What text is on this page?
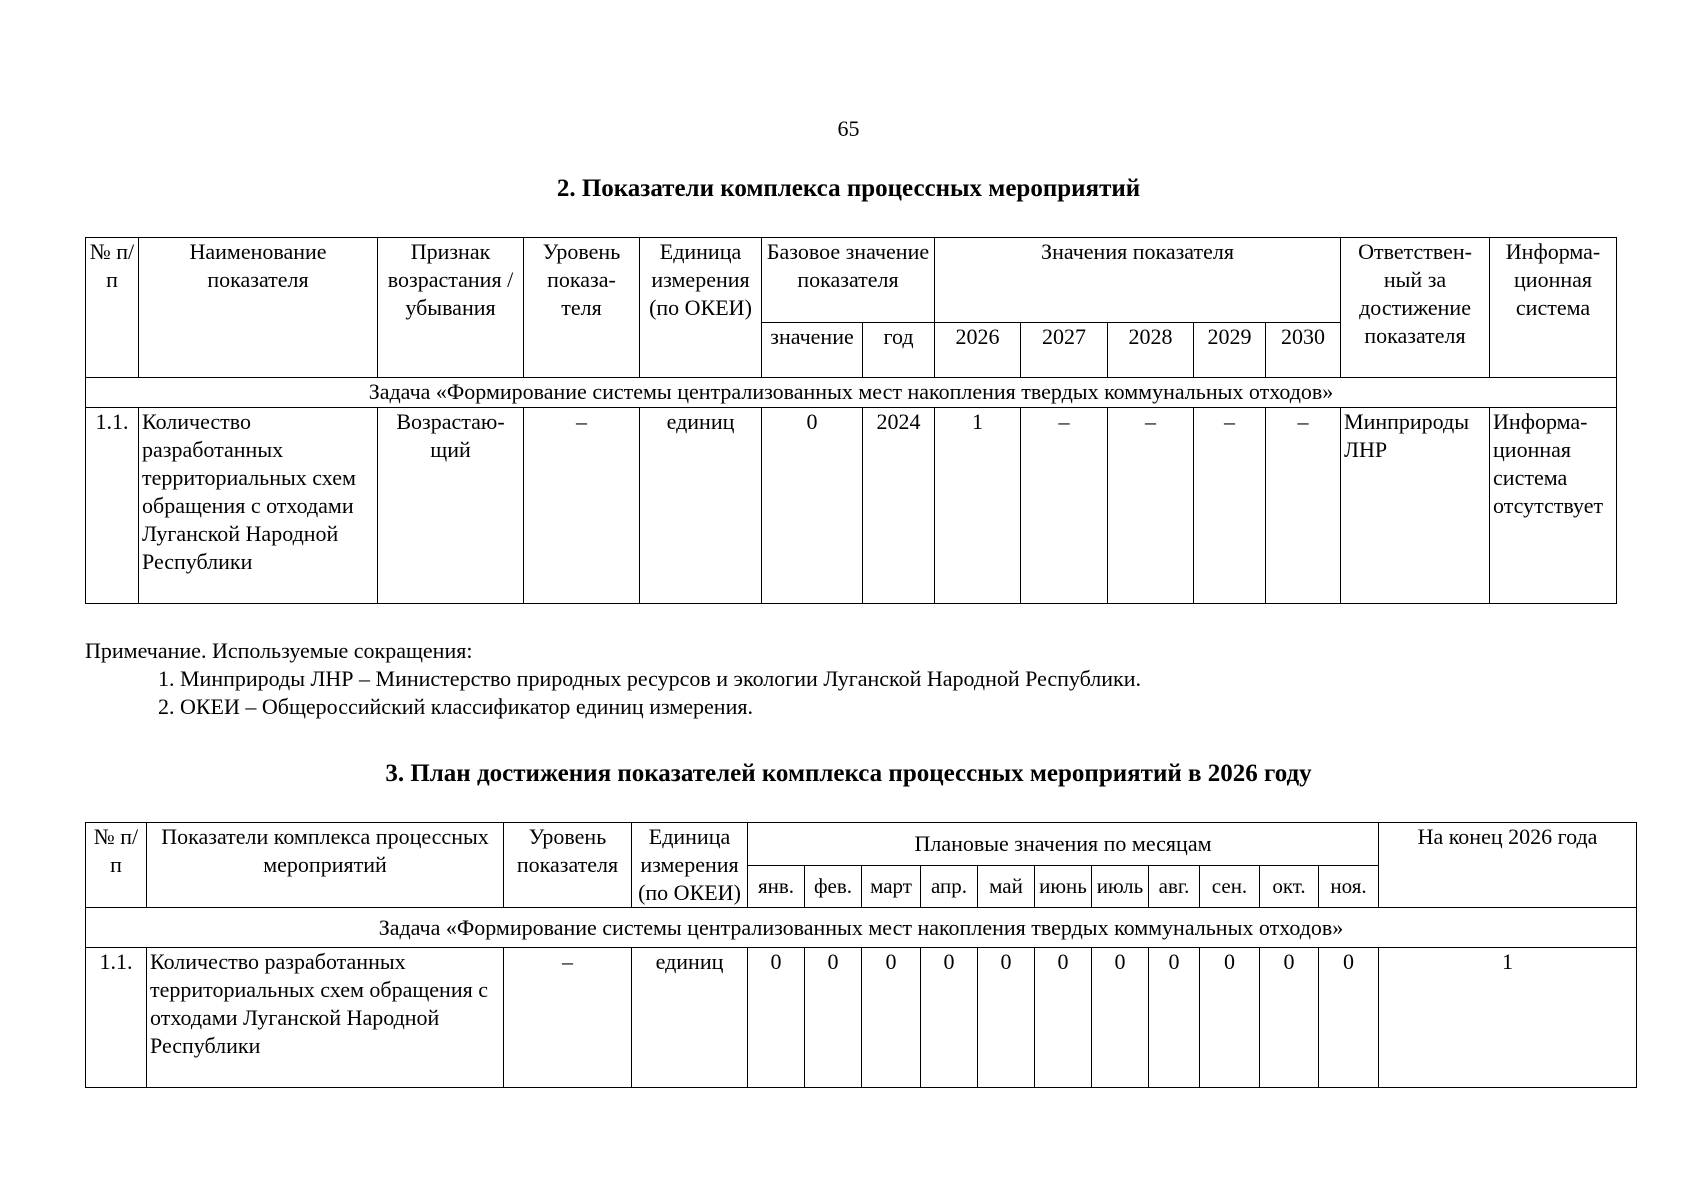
65
2. Показатели комплекса процессных мероприятий
№ п/п	Наименование показателя	Признак возрастания / убывания	Уровень показа-теля	Единица измерения (по ОКЕИ)	Базовое значение показателя		Значения показателя					Ответствен-ный за достижение показателя	Информа-ционная система
					значение	год	2026	2027	2028	2029	2030		
Задача «Формирование системы централизованных мест накопления твердых коммунальных отходов»													
1.1.	Количество разработанных территориальных схем обращения с отходами Луганской Народной Республики	Возрастаю-щий	–	единиц	0	2024	1	–	–	–	–	Минприроды ЛНР	Информа-ционная система отсутствует
Примечание. Используемые сокращения:
1. Минприроды ЛНР – Министерство природных ресурсов и экологии Луганской Народной Республики.
2. ОКЕИ – Общероссийский классификатор единиц измерения.
3. План достижения показателей комплекса процессных мероприятий в 2026 году
№ п/п	Показатели комплекса процессных мероприятий	Уровень показателя	Единица измерения (по ОКЕИ)	Плановые значения по месяцам											На конец 2026 года
				янв.	фев.	март	апр.	май	июнь	июль	авг.	сен.	окт.	ноя.	
Задача «Формирование системы централизованных мест накопления твердых коммунальных отходов»															
1.1.	Количество разработанных территориальных схем обращения с отходами Луганской Народной Республики	–	единиц	0	0	0	0	0	0	0	0	0	0	0	1
